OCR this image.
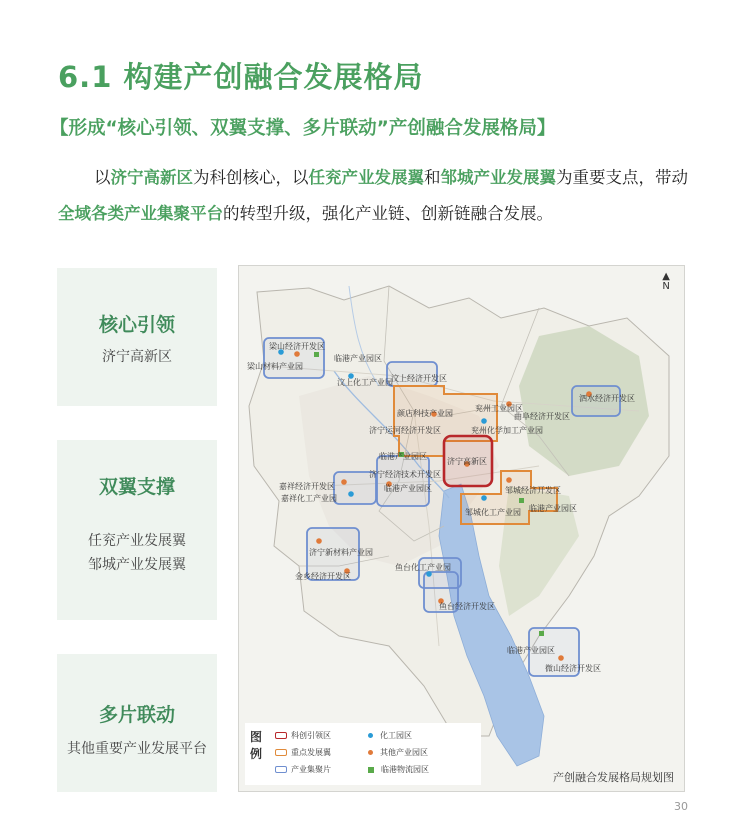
6.1 构建产创融合发展格局
【形成“核心引领、双翼支撑、多片联动”产创融合发展格局】
以济宁高新区为科创核心，以任兖产业发展翼和邹城产业发展翼为重要支点，带动全域各类产业集聚平台的转型升级，强化产业链、创新链融合发展。
核心引领
济宁高新区
双翼支撑
任兖产业发展翼
邹城产业发展翼
多片联动
其他重要产业发展平台
▲
N
梁山经济开发区
梁山材料产业园
临港产业园区
汶上化工产业园
汶上经济开发区
颜店科技产业园
兖州工业园区
曲阜经济开发区
泗水经济开发区
济宁运河经济开发区	兖州化学加工产业园
济宁高新区
临港产业园区
济宁经济技术开发区
嘉祥经济开发区
嘉祥化工产业园
临港产业园区	邹城经济开发区
邹城化工产业园 临港产业园区
济宁新材料产业园
金乡经济开发区
鱼台化工产业园
鱼台经济开发区
临港产业园区
微山经济开发区
图例
科创引领区	化工园区
重点发展翼	其他产业园区
产业集聚片	临港物流园区
产创融合发展格局规划图
30
